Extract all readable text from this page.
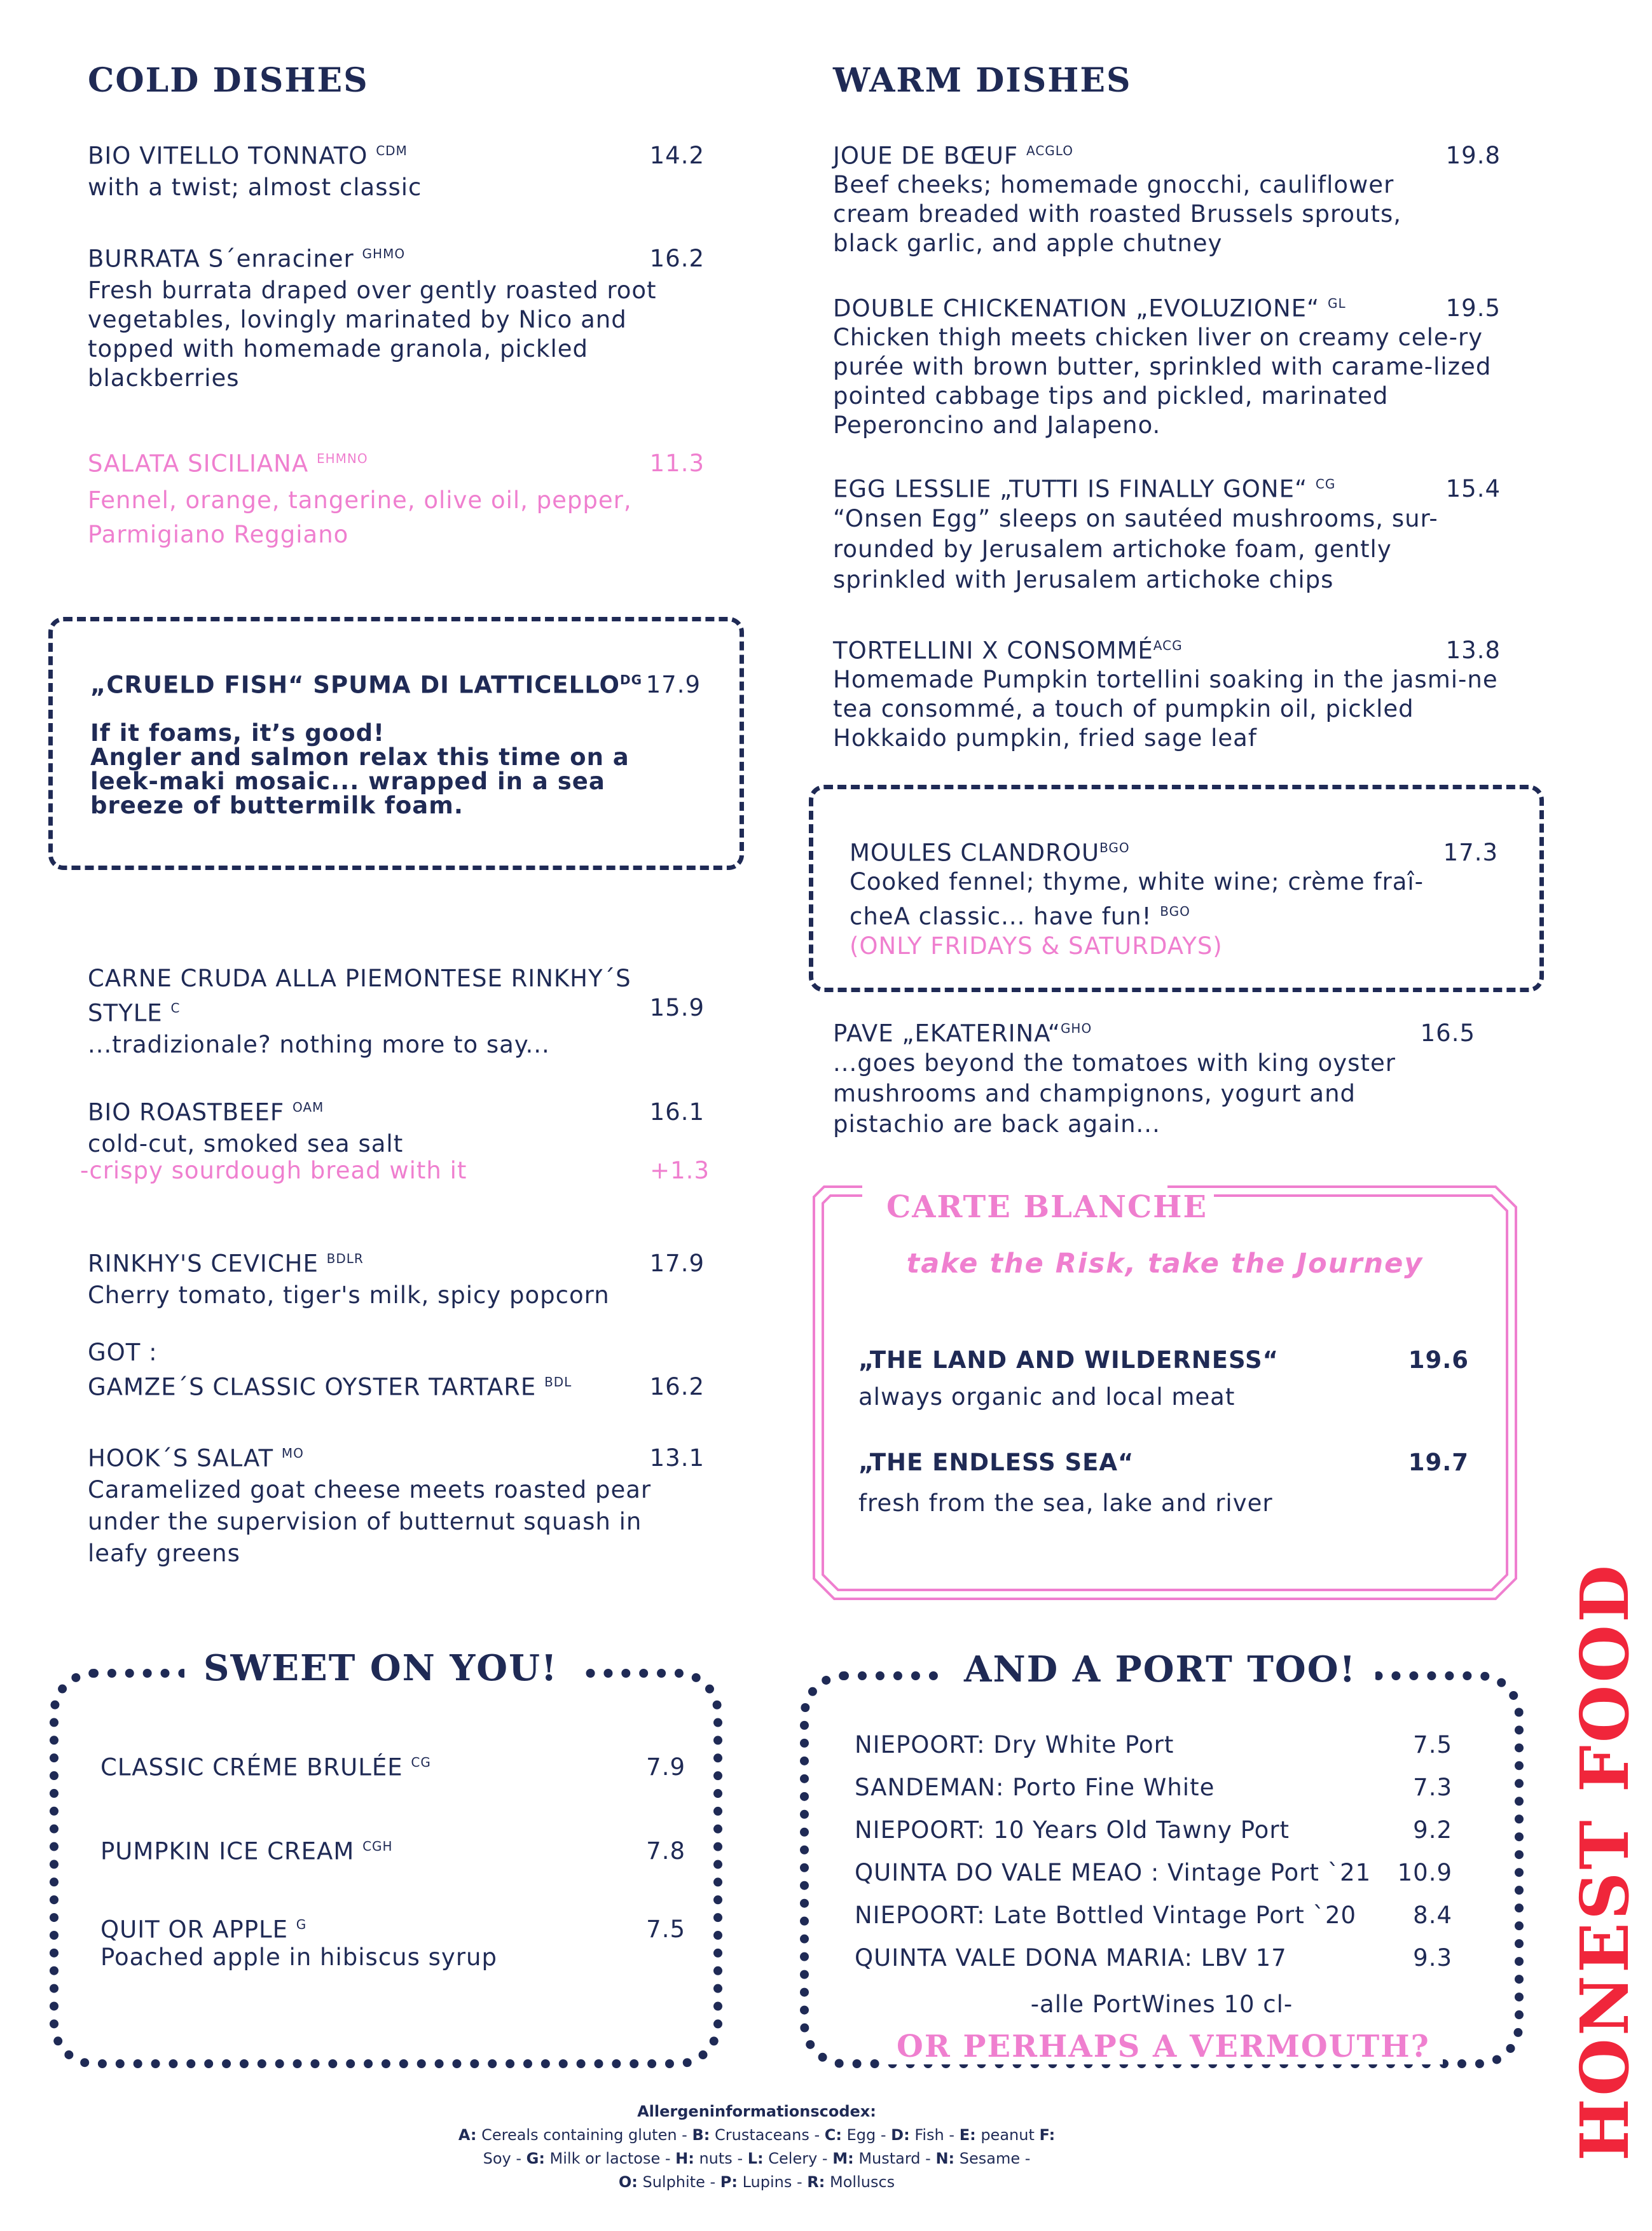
COLD DISHES
BIO VITELLO TONNATO $^{CDM}$	14.2
with a twist; almost classic
BURRATA S´enraciner $^{GHMO}$	16.2
Fresh burrata draped over gently roasted root vegetables, lovingly marinated by Nico and topped with homemade granola, pickled blackberries
SALATA SICILIANA $^{EHMNO}$	11.3
Fennel, orange, tangerine, olive oil, pepper, Parmigiano Reggiano
„CRUELD FISH“ SPUMA DI $LATTICELLO^{DG}$ 17.9
If it foams, it’s good!
Angler and salmon relax this time on a leek-maki mosaic... wrapped in a sea breeze of buttermilk foam.
CARNE CRUDA ALLA PIEMONTESE RINKHY´S STYLE $^C$	15.9
...tradizionale? nothing more to say...
BIO ROASTBEEF $^{OAM}$	16.1
cold-cut, smoked sea salt
-crispy sourdough bread with it	+1.3
RINKHY'S CEVICHE $^{BDLR}$	17.9
Cherry tomato, tiger's milk, spicy popcorn
GOT :
GAMZE´S CLASSIC OYSTER TARTARE $^{BDL}$	16.2
HOOK´S SALAT $^{MO}$	13.1
Caramelized goat cheese meets roasted pear under the supervision of butternut squash in leafy greens
WARM DISHES
JOUE DE BŒUF $^{ACGLO}$	19.8
Beef cheeks; homemade gnocchi, cauliflower cream breaded with roasted Brussels sprouts, black garlic, and apple chutney
DOUBLE CHICKENATION „EVOLUZIONE“ $^{GL}$	19.5
Chicken thigh meets chicken liver on creamy cele-ry purée with brown butter, sprinkled with carame-lized pointed cabbage tips and pickled, marinated Peperoncino and Jalapeno.
EGG LESSLIE „TUTTI IS FINALLY GONE“ $^{CG}$	15.4
“Onsen Egg” sleeps on sautéed mushrooms, sur-rounded by Jerusalem artichoke foam, gently sprinkled with Jerusalem artichoke chips
TORTELLINI X $CONSOMMÉ^{ACG}$	13.8
Homemade Pumpkin tortellini soaking in the jasmi-ne tea consommé, a touch of pumpkin oil, pickled Hokkaido pumpkin, fried sage leaf
MOULES $CLANDROU^{BGO}$	17.3
Cooked fennel; thyme, white wine; crème fraî-
cheA classic... have fun! $^{BGO}$
(ONLY FRIDAYS & SATURDAYS)
PAVE „EKATERINA“$^{GHO}$	16.5
...goes beyond the tomatoes with king oyster mushrooms and champignons, yogurt and pistachio are back again...
CARTE BLANCHE
take the Risk, take the Journey
„THE LAND AND WILDERNESS“	19.6
always organic and local meat
„THE ENDLESS SEA“	19.7
fresh from the sea, lake and river
SWEET ON YOU!
CLASSIC CRÉME BRULÉE $^{CG}$	7.9
PUMPKIN ICE CREAM $^{CGH}$	7.8
QUIT OR APPLE $^G$	7.5
Poached apple in hibiscus syrup
AND A PORT TOO!
NIEPOORT: Dry White Port	7.5
SANDEMAN: Porto Fine White	7.3
NIEPOORT: 10 Years Old Tawny Port	9.2
QUINTA DO VALE MEAO : Vintage Port `21 10.9
NIEPOORT: Late Bottled Vintage Port `20 8.4
QUINTA VALE DONA MARIA: LBV 17	9.3
-alle PortWines 10 cl-
OR PERHAPS A VERMOUTH?
Allergeninformationscodex:
A: Cereals containing gluten - B: Crustaceans - C: Egg - D: Fish - E: peanut F:
Soy - G: Milk or lactose - H: nuts - L: Celery - M: Mustard - N: Sesame -
O: Sulphite - P: Lupins - R: Molluscs
HONEST FOOD
